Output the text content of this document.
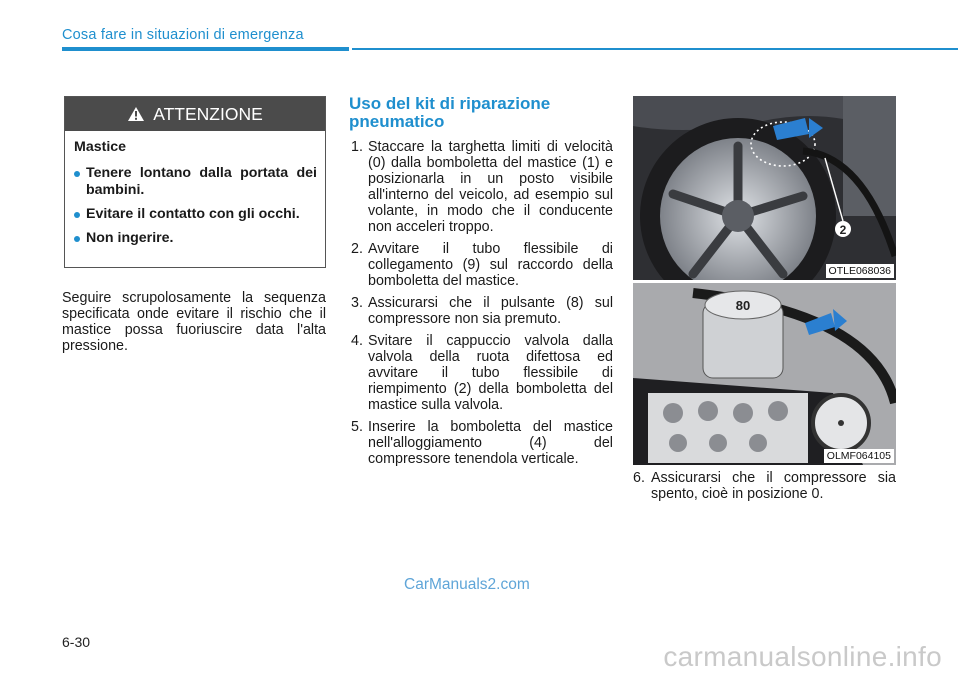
Cosa fare in situazioni di emergenza
ATTENZIONE
Mastice
Tenere lontano dalla portata dei bambini.
Evitare il contatto con gli occhi.
Non ingerire.
Seguire scrupolosamente la sequenza specificata onde evitare il rischio che il mastice possa fuoriuscire data l'alta pressione.
Uso del kit di riparazione pneumatico
1. Staccare la targhetta limiti di velocità (0) dalla bomboletta del mastice (1) e posizionarla in un posto visibile all'interno del veicolo, ad esempio sul volante, in modo che il conducente non acceleri troppo.
2. Avvitare il tubo flessibile di collegamento (9) sul raccordo della bomboletta del mastice.
3. Assicurarsi che il pulsante (8) sul compressore non sia premuto.
4. Svitare il cappuccio valvola dalla valvola della ruota difettosa ed avvitare il tubo flessibile di riempimento (2) della bomboletta del mastice sulla valvola.
5. Inserire la bomboletta del mastice nell'alloggiamento (4) del compressore tenendola verticale.
2
OTLE068036
80
OLMF064105
6. Assicurarsi che il compressore sia spento, cioè in posizione 0.
CarManuals2.com
6-30	carmanualsonline.info
